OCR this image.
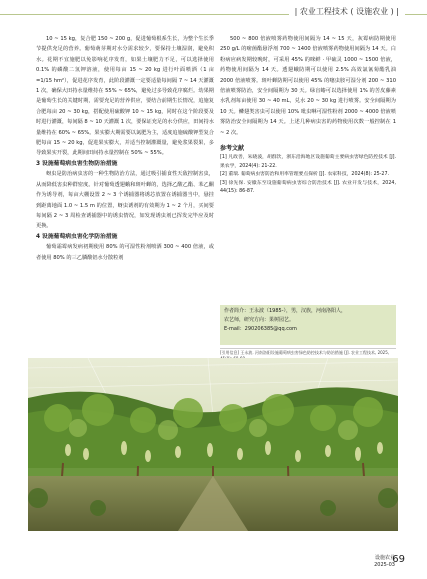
| 农业工程技术 ( 设施农业 ) |

10 ~ 15 kg，复合肥 150 ~ 200 g，促进葡萄根系生长，为整个生长季节提供充足的营养。葡萄萌芽期对水分需求较少，要保持土壤湿润，避免积水。花期不宜施肥以免影响花序发育，如果土壤肥力不足，可以选择使用 0.1% 的磷酸二氢钾溶液，使用每亩 15 ~ 20 kg 进行叶面喷洒（1 亩 =1/15 hm²），促进花序发育，此阶段灌溉一定要适量每间隔 7 ~ 14 天灌溉 1 次，确保大田持水量维持在 55% ~ 65%，避免过多导致花序腐烂。幼果期是葡萄生长的关键时期，需要充足的营养供应，要结合前期生长情况，追施复合肥每亩 20 ~ 30 kg，搭配使用硫酸钾 10 ~ 15 kg，同时在这个阶段要及时进行灌溉，每间隔 8 ~ 10 天灌溉 1 次，要保证充足的水分供应，田间持水量维持在 60% ~ 65%。果实膨大期需要以氮肥为主，适度追施硫酸钾型复合肥每亩 15 ~ 20 kg，促进果实膨大，并适当控制灌溉量，避免浆果裂果，多导致果实开裂，此期间田间持水量控制在 50% ~ 55%。

3 设施葡萄病虫害生物防治措施

蚜虫是防治病虫害的一种生物防治方法，通过吸引捕食性天敌控制害虫，从而降低害虫种群密度。针对葡萄透翅蛾和斑叶蝉的，选择乙酸乙酯、苯乙酮作为诱导剂，每亩大棚设置 2 ~ 3 个诱捕器将诱芯放置在诱捕器当中，悬挂到距离地面 1.0 ~ 1.5 m 的位置，蚜虫诱剂的有效期为 1 ~ 2 个月，买间要每间隔 2 ~ 3 周检查诱捕器中的诱虫情况，如发现诱虫剂已挥发完毕应及时更换。

4 设施葡萄病虫害化学防治措施

葡萄霜霉病发病初期使用 80% 的可湿性粉剂喷洒 300 ~ 400 倍液，或者使用 80% 的三乙膦酸铝水分散粒剂

500 ~ 800 倍液喷雾药物使用间隔为 14 ~ 15 天，灰霉病防期使用 250 g/L 的嘧菌酯悬浮剂 700 ~ 1400 倍液喷雾药物使用间隔为 14 天。白粉病应病发期较晚时，可采用 45% 的咪鲜 · 甲硫灵 1000 ~ 1500 倍液，药物使用间隔为 14 天。透翅蛾防期可以使用 2.5% 高效氯氰菊酯乳油 2000 倍液喷雾。斑叶蝉防期可以使用 45% 的噻虫胺可湿分剂 200 ~ 310 倍液喷雾防治，安全间隔期为 30 天。绿盲蝽可以选择使用 1% 的苦皮藤素水乳剂每亩使用 30 ~ 40 mL，兑水 20 ~ 30 kg 进行喷雾。安全间隔期为 10 天。鳞翅类害虫可以使用 10% 吡虫啉可湿性粉剂 2000 ~ 4000 倍液喷雾防治安全间隔期为 14 天。上述几种病虫害的药物使用次数一般控制在 1 ~ 2 次。

参考文献
[1] 凡政善，朱晓波，胡群饮，浙东沿海地区设施葡萄主要病虫害绿色防控技术 [J]. 果农学，2024(4): 21-22.
[2] 董瑞. 葡萄病虫害防治和用率管理要点探析 [J]. 农家科技，2024(8): 25-27.
[3] 徐先保. 安徽东至设施葡萄病虫害综合防治技术 [J]. 农业开发与技术，2024, 44(15): 86-87.
作者简介：王永波（1985-），男，汉族，河南洛阳人，
农艺师，研究方向：果树园艺。
E-mail：290206385@qq.com
[引用信息] 王永波. 河南洛阳设施葡萄病虫害绿色防控技术与防治措施 [J]. 农业工程技术, 2025,
设施农业
2025-03
69
